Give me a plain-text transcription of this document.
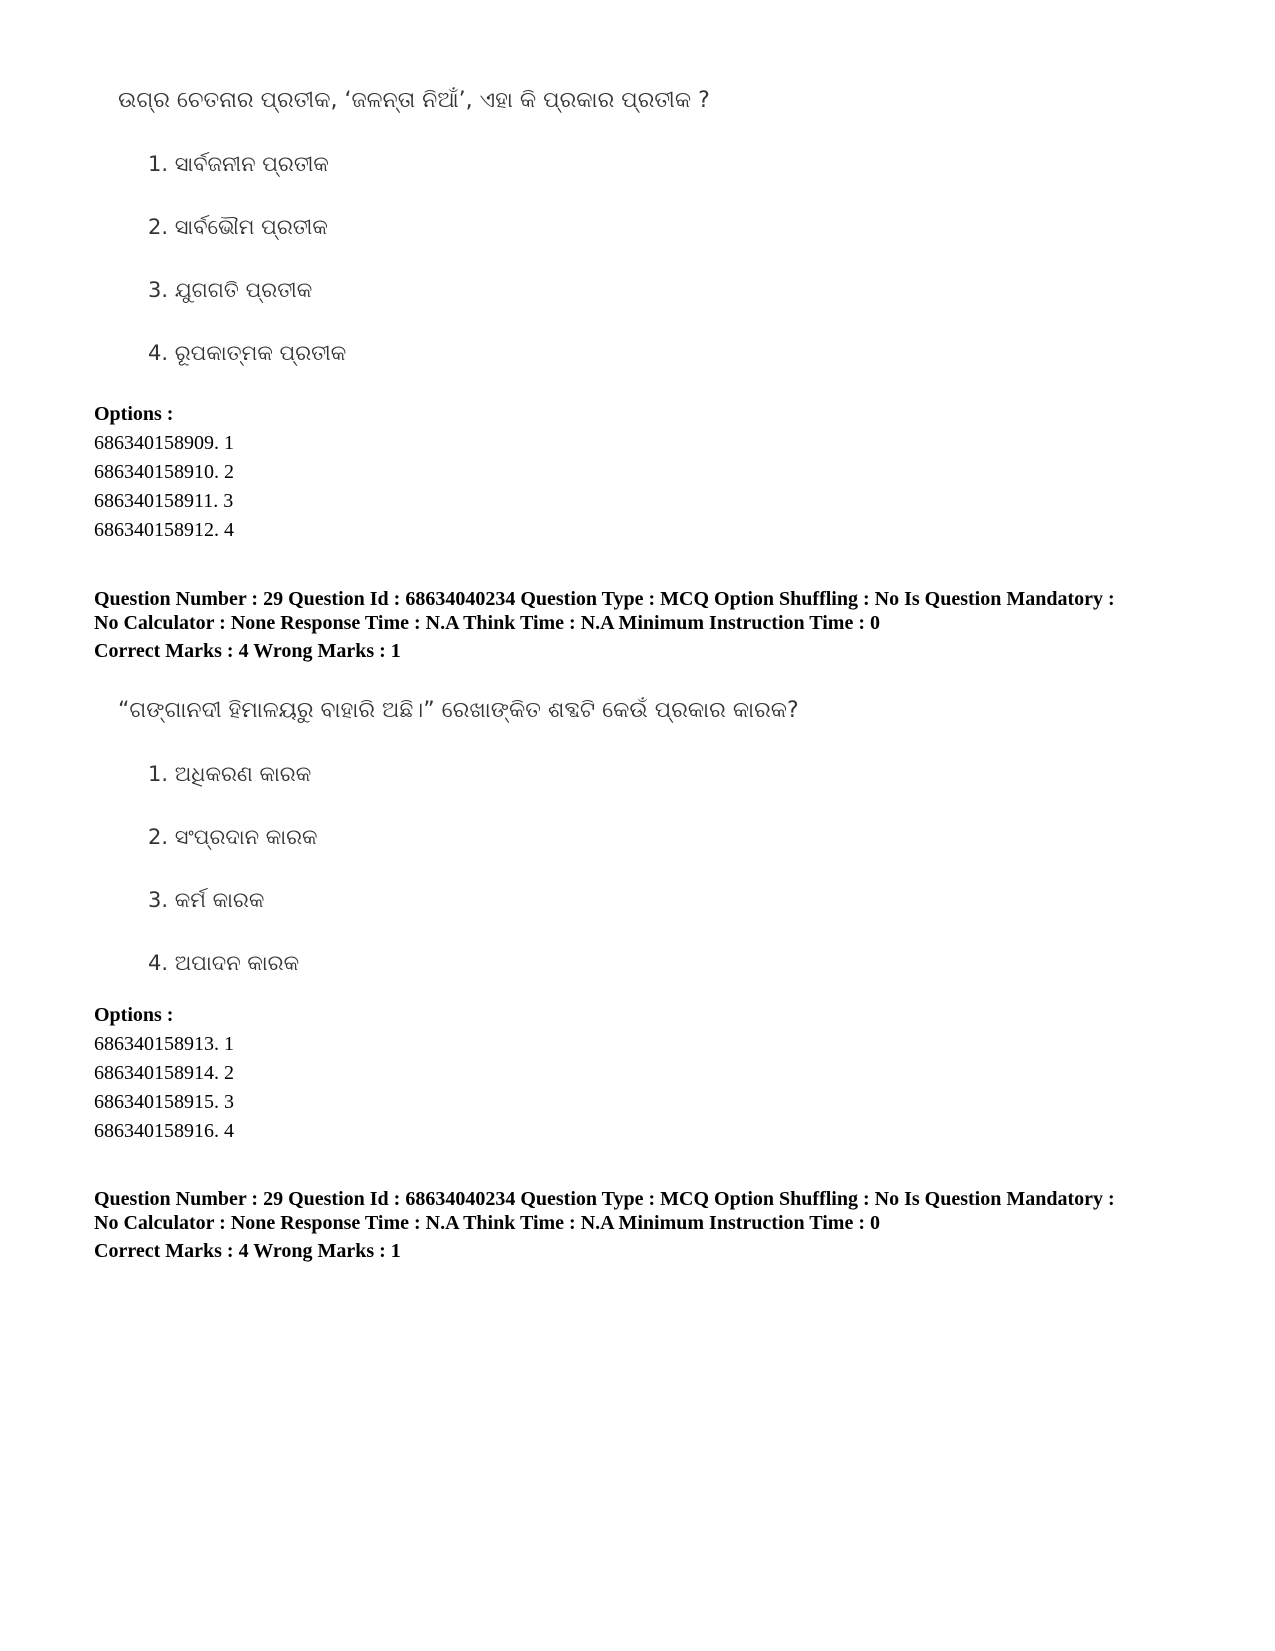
ଉଗ୍ର ଚେତନାର ପ୍ରତୀକ, ‘ଜଳନ୍ତା ନିଆଁ’, ଏହା କି ପ୍ରକାର ପ୍ରତୀକ ?
1. ସାର୍ବଜନୀନ ପ୍ରତୀକ
2. ସାର୍ବଭୌମ ପ୍ରତୀକ
3. ଯୁଗଗତି ପ୍ରତୀକ
4. ରୂପକାତ୍ମକ ପ୍ରତୀକ
Options :
686340158909. 1
686340158910. 2
686340158911. 3
686340158912. 4
Question Number : 29 Question Id : 68634040234 Question Type : MCQ Option Shuffling : No Is Question Mandatory :
No Calculator : None Response Time : N.A Think Time : N.A Minimum Instruction Time : 0
Correct Marks : 4 Wrong Marks : 1
“ଗଙ୍ଗାନଦୀ ହିମାଳୟରୁ ବାହାରି ଅଛି।” ରେଖାଙ୍କିତ ଶବ୍ଦଟି କେଉଁ ପ୍ରକାର କାରକ?
1. ଅଧିକରଣ କାରକ
2. ସଂପ୍ରଦାନ କାରକ
3. କର୍ମ କାରକ
4. ଅପାଦନ କାରକ
Options :
686340158913. 1
686340158914. 2
686340158915. 3
686340158916. 4
Question Number : 29 Question Id : 68634040234 Question Type : MCQ Option Shuffling : No Is Question Mandatory :
No Calculator : None Response Time : N.A Think Time : N.A Minimum Instruction Time : 0
Correct Marks : 4 Wrong Marks : 1
